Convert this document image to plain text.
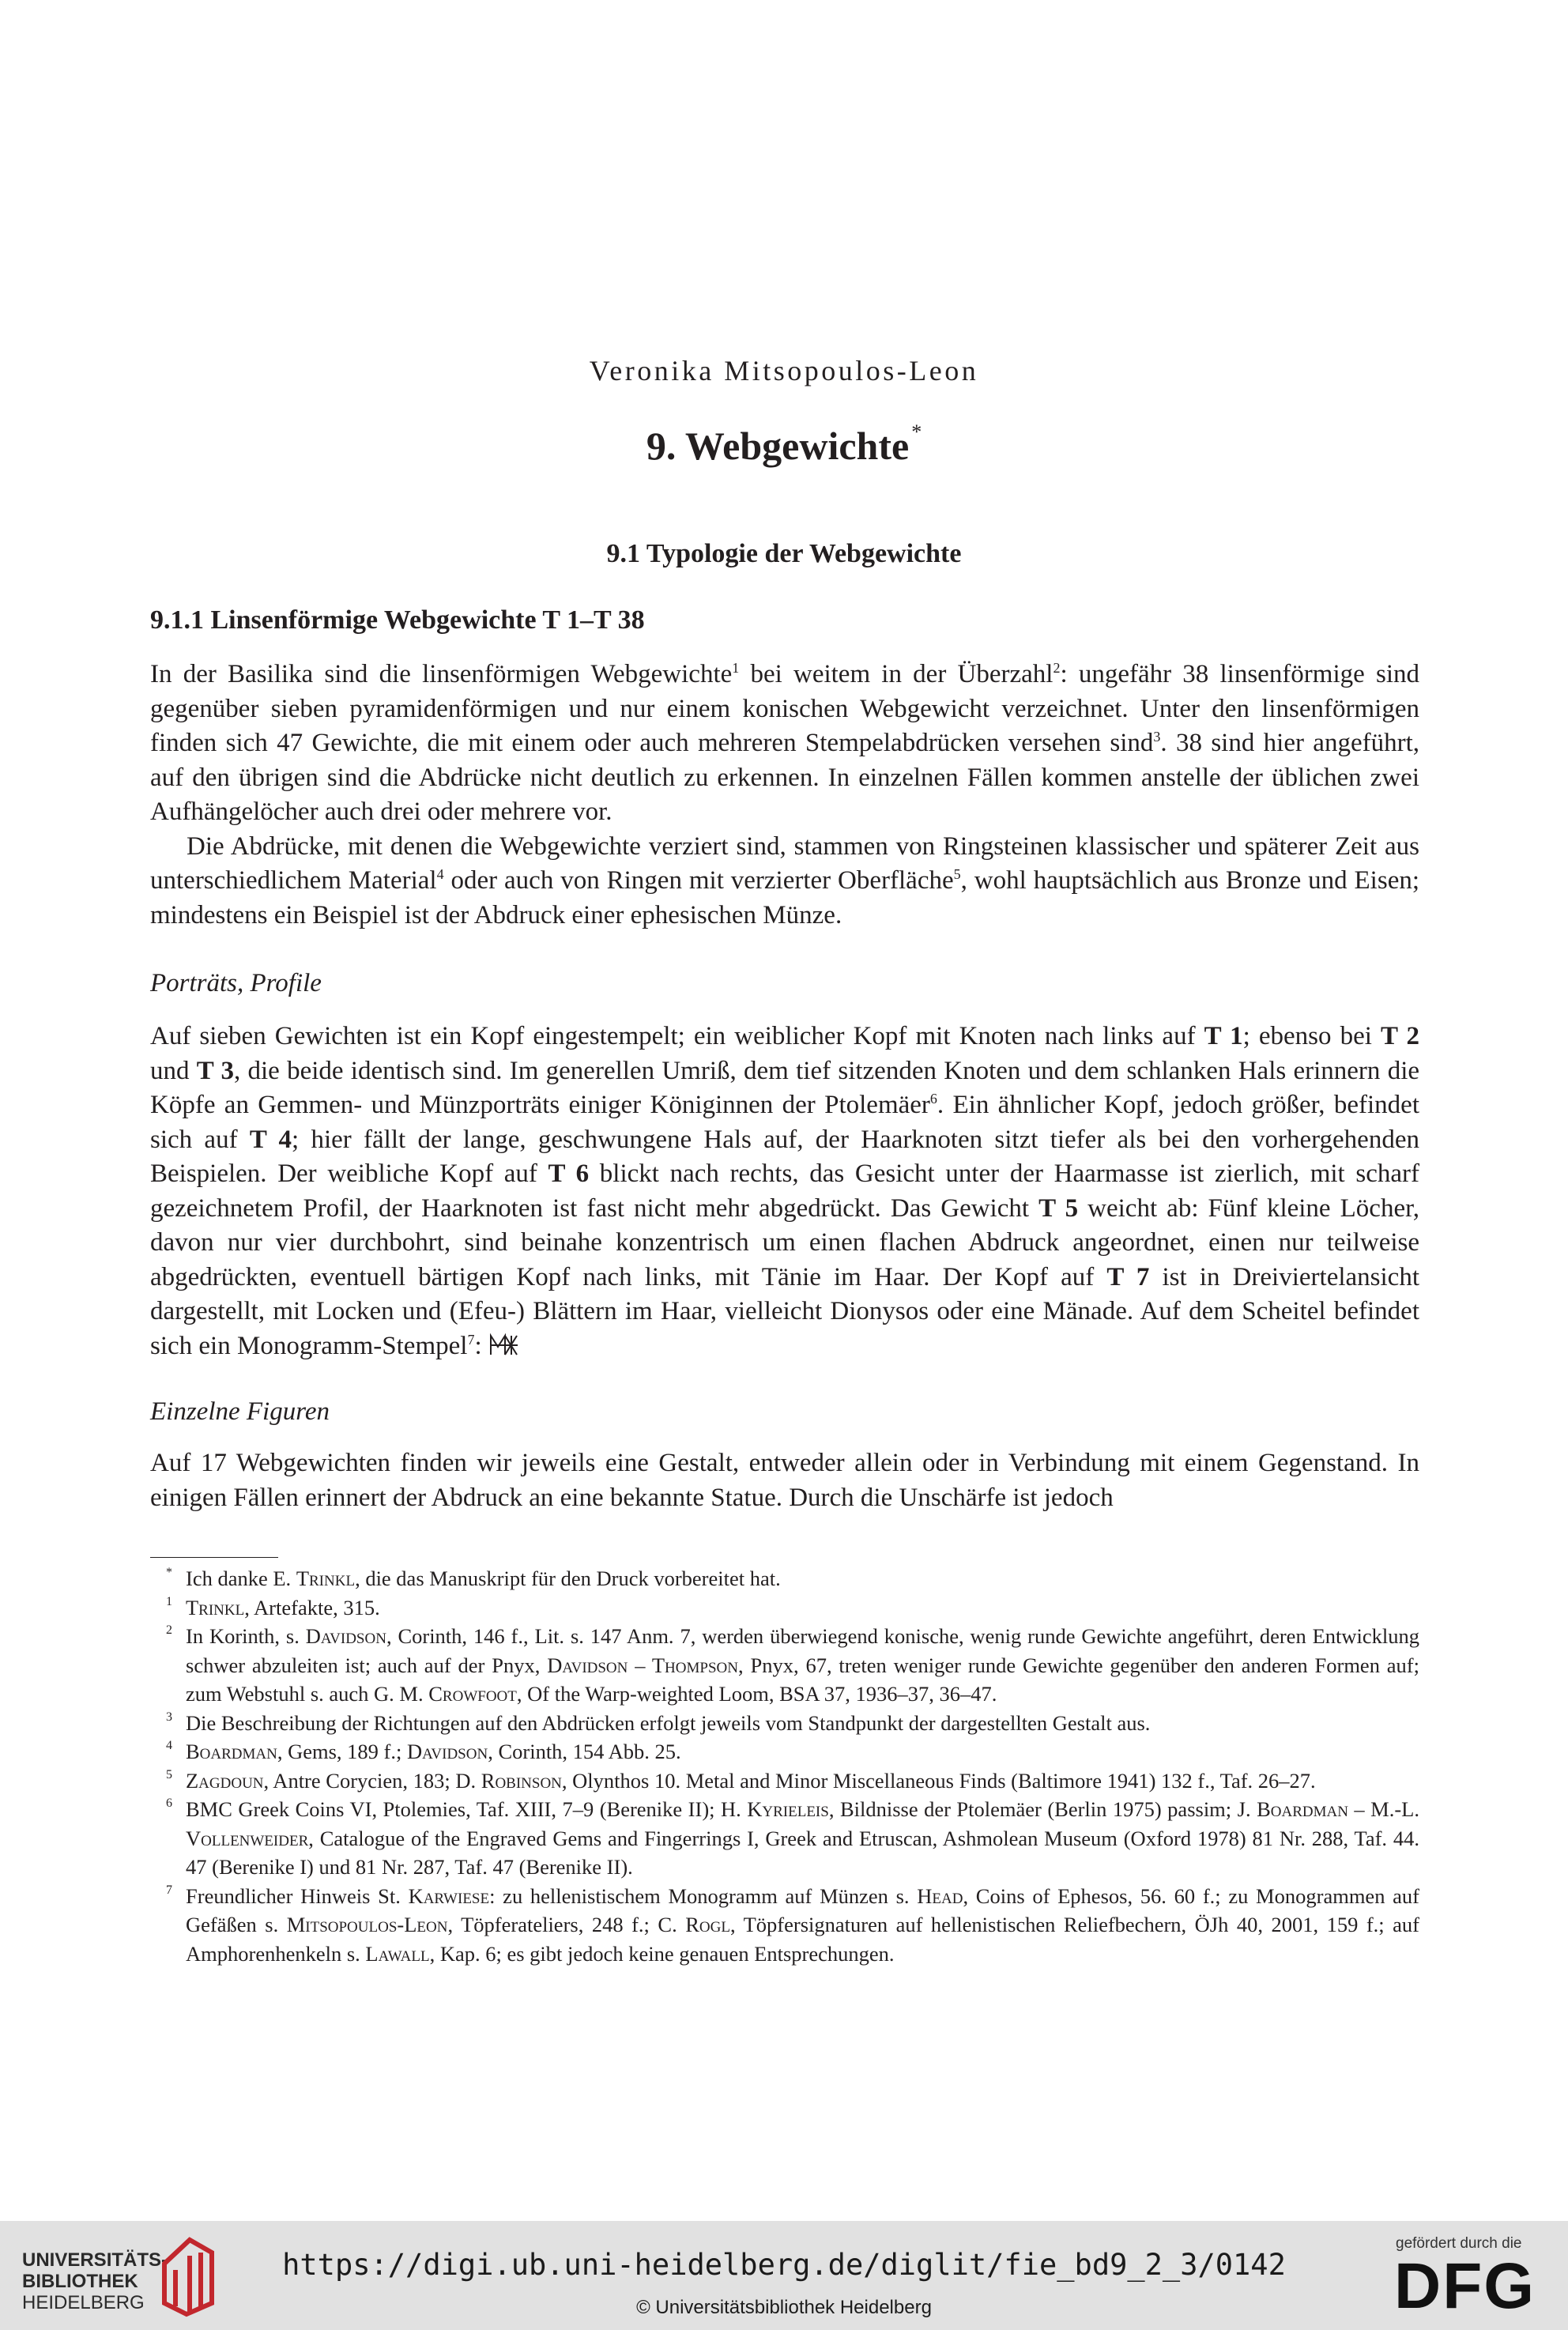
Veronika Mitsopoulos-Leon
9. Webgewichte *
9.1 Typologie der Webgewichte
9.1.1 Linsenförmige Webgewichte T 1–T 38

In der Basilika sind die linsenförmigen Webgewichte$^1$ bei weitem in der Überzahl$^2$: ungefähr 38 linsenförmige sind gegenüber sieben pyramidenförmigen und nur einem konischen Webgewicht verzeichnet. Unter den linsenförmigen finden sich 47 Gewichte, die mit einem oder auch mehreren Stempelabdrücken versehen sind$^3$. 38 sind hier angeführt, auf den übrigen sind die Abdrücke nicht deutlich zu erkennen. In einzelnen Fällen kommen anstelle der üblichen zwei Aufhängelöcher auch drei oder mehrere vor.

Die Abdrücke, mit denen die Webgewichte verziert sind, stammen von Ringsteinen klassischer und späterer Zeit aus unterschiedlichem Material$^4$ oder auch von Ringen mit verzierter Oberfläche$^5$, wohl hauptsächlich aus Bronze und Eisen; mindestens ein Beispiel ist der Abdruck einer ephesischen Münze.

Porträts, Profile

Auf sieben Gewichten ist ein Kopf eingestempelt; ein weiblicher Kopf mit Knoten nach links auf T 1; ebenso bei T 2 und T 3, die beide identisch sind. Im generellen Umriß, dem tief sitzenden Knoten und dem schlanken Hals erinnern die Köpfe an Gemmen- und Münzporträts einiger Königinnen der Ptolemäer$^6$. Ein ähnlicher Kopf, jedoch größer, befindet sich auf T 4; hier fällt der lange, geschwungene Hals auf, der Haarknoten sitzt tiefer als bei den vorhergehenden Beispielen. Der weibliche Kopf auf T 6 blickt nach rechts, das Gesicht unter der Haarmasse ist zierlich, mit scharf gezeichnetem Profil, der Haarknoten ist fast nicht mehr abgedrückt. Das Gewicht T 5 weicht ab: Fünf kleine Löcher, davon nur vier durchbohrt, sind beinahe konzentrisch um einen flachen Abdruck angeordnet, einen nur teilweise abgedrückten, eventuell bärtigen Kopf nach links, mit Tänie im Haar. Der Kopf auf T 7 ist in Dreiviertelansicht dargestellt, mit Locken und (Efeu-) Blättern im Haar, vielleicht Dionysos oder eine Mänade. Auf dem Scheitel befindet sich ein Monogramm-Stempel$^7$:

Einzelne Figuren

Auf 17 Webgewichten finden wir jeweils eine Gestalt, entweder allein oder in Verbindung mit einem Gegenstand. In einigen Fällen erinnert der Abdruck an eine bekannte Statue. Durch die Unschärfe ist jedoch

* Ich danke E. Trinkl, die das Manuskript für den Druck vorbereitet hat.
1 Trinkl, Artefakte, 315.
2 In Korinth, s. Davidson, Corinth, 146 f., Lit. s. 147 Anm. 7, werden überwiegend konische, wenig runde Gewichte angeführt, deren Entwicklung schwer abzuleiten ist; auch auf der Pnyx, Davidson – Thompson, Pnyx, 67, treten weniger runde Gewichte gegenüber den anderen Formen auf; zum Webstuhl s. auch G. M. Crowfoot, Of the Warp-weighted Loom, BSA 37, 1936–37, 36–47.
3 Die Beschreibung der Richtungen auf den Abdrücken erfolgt jeweils vom Standpunkt der dargestellten Gestalt aus.
4 Boardman, Gems, 189 f.; Davidson, Corinth, 154 Abb. 25.
5 Zagdoun, Antre Corycien, 183; D. Robinson, Olynthos 10. Metal and Minor Miscellaneous Finds (Baltimore 1941) 132 f., Taf. 26–27.
6 BMC Greek Coins VI, Ptolemies, Taf. XIII, 7–9 (Berenike II); H. Kyrieleis, Bildnisse der Ptolemäer (Berlin 1975) passim; J. Boardman – M.-L. Vollenweider, Catalogue of the Engraved Gems and Fingerrings I, Greek and Etruscan, Ashmolean Museum (Oxford 1978) 81 Nr. 288, Taf. 44. 47 (Berenike I) und 81 Nr. 287, Taf. 47 (Berenike II).
7 Freundlicher Hinweis St. Karwiese: zu hellenistischem Monogramm auf Münzen s. Head, Coins of Ephesos, 56. 60 f.; zu Monogrammen auf Gefäßen s. Mitsopoulos-Leon, Töpferateliers, 248 f.; C. Rogl, Töpfersignaturen auf hellenistischen Reliefbechern, ÖJh 40, 2001, 159 f.; auf Amphorenhenkeln s. Lawall, Kap. 6; es gibt jedoch keine genauen Entsprechungen.
UNIVERSITÄTS-
BIBLIOTHEK
HEIDELBERG
https://digi.ub.uni-heidelberg.de/diglit/fie_bd9_2_3/0142
© Universitätsbibliothek Heidelberg
gefördert durch die
DFG
